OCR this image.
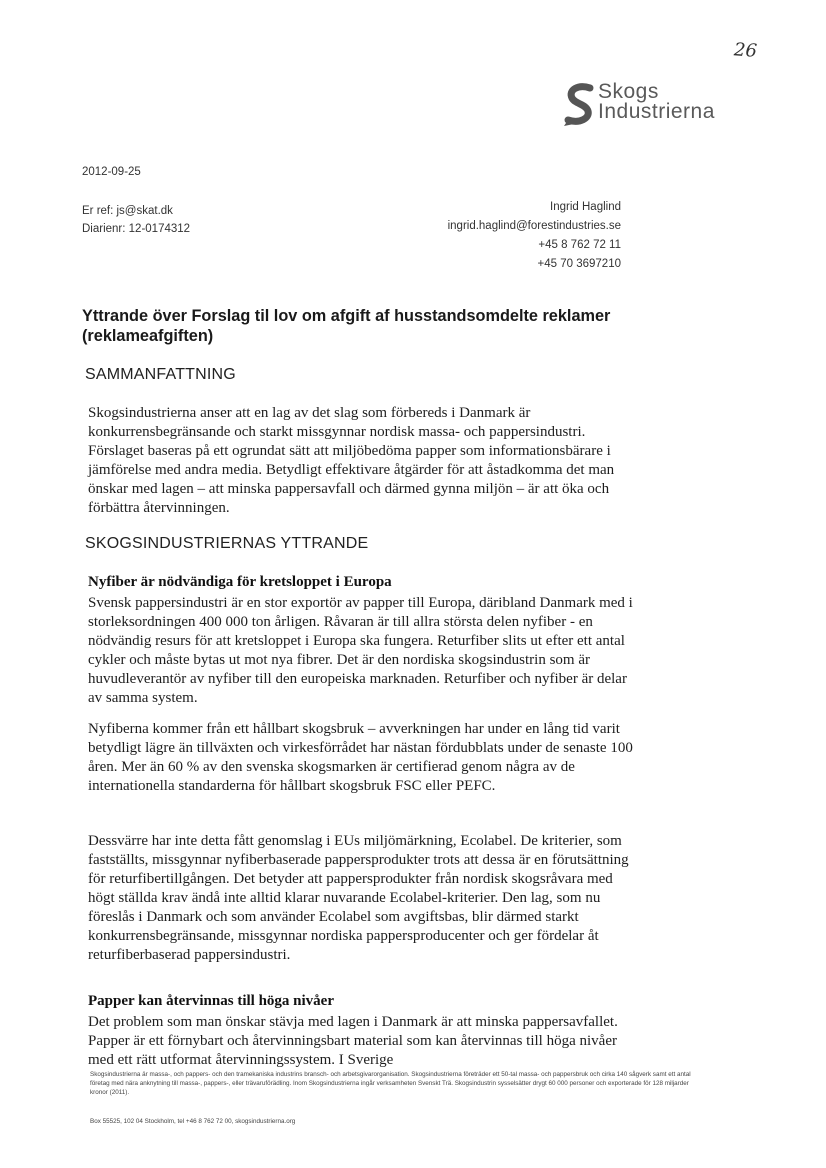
26
Skogs
Industrierna
2012-09-25
Er ref: js@skat.dk
Diarienr: 12-0174312
Ingrid Haglind
ingrid.haglind@forestindustries.se
+45 8 762 72 11
+45 70 3697210
Yttrande över Forslag til lov om afgift af husstandsomdelte reklamer (reklameafgiften)
SAMMANFATTNING
Skogsindustrierna anser att en lag av det slag som förbereds i Danmark är konkurrensbegränsande och starkt missgynnar nordisk massa- och pappersindustri. Förslaget baseras på ett ogrundat sätt att miljöbedöma papper som informationsbärare i jämförelse med andra media. Betydligt effektivare åtgärder för att åstadkomma det man önskar med lagen – att minska pappersavfall och därmed gynna miljön – är att öka och förbättra återvinningen.
SKOGSINDUSTRIERNAS YTTRANDE
Nyfiber är nödvändiga för kretsloppet i Europa
Svensk pappersindustri är en stor exportör av papper till Europa, däribland Danmark med i storleksordningen 400 000 ton årligen. Råvaran är till allra största delen nyfiber - en nödvändig resurs för att kretsloppet i Europa ska fungera. Returfiber slits ut efter ett antal cykler och måste bytas ut mot nya fibrer. Det är den nordiska skogsindustrin som är huvudleverantör av nyfiber till den europeiska marknaden. Returfiber och nyfiber är delar av samma system.
Nyfiberna kommer från ett hållbart skogsbruk – avverkningen har under en lång tid varit betydligt lägre än tillväxten och virkesförrådet har nästan fördubblats under de senaste 100 åren. Mer än 60 % av den svenska skogsmarken är certifierad genom några av de internationella standarderna för hållbart skogsbruk FSC eller PEFC.
Dessvärre har inte detta fått genomslag i EUs miljömärkning, Ecolabel. De kriterier, som fastställts, missgynnar nyfiberbaserade pappersprodukter trots att dessa är en förutsättning för returfibertillgången. Det betyder att pappersprodukter från nordisk skogsråvara med högt ställda krav ändå inte alltid klarar nuvarande Ecolabel-kriterier. Den lag, som nu föreslås i Danmark och som använder Ecolabel som avgiftsbas, blir därmed starkt konkurrensbegränsande, missgynnar nordiska pappersproducenter och ger fördelar åt returfiberbaserad pappersindustri.
Papper kan återvinnas till höga nivåer
Det problem som man önskar stävja med lagen i Danmark är att minska pappersavfallet. Papper är ett förnybart och återvinningsbart material som kan återvinnas till höga nivåer med ett rätt utformat återvinningssystem. I Sverige
Skogsindustrierna är massa-, och pappers- och den tramekaniska industrins bransch- och arbetsgivarorganisation. Skogsindustrierna företräder ett 50-tal massa- och pappersbruk och cirka 140 sågverk samt ett antal företag med nära anknytning till massa-, pappers-, eller trävaruförädling. Inom Skogsindustrierna ingår verksamheten Svenskt Trä. Skogsindustrin sysselsätter drygt 60 000 personer och exporterade för 128 miljarder kronor (2011).
Box 55525, 102 04 Stockholm, tel +46 8 762 72 00, skogsindustrierna.org
